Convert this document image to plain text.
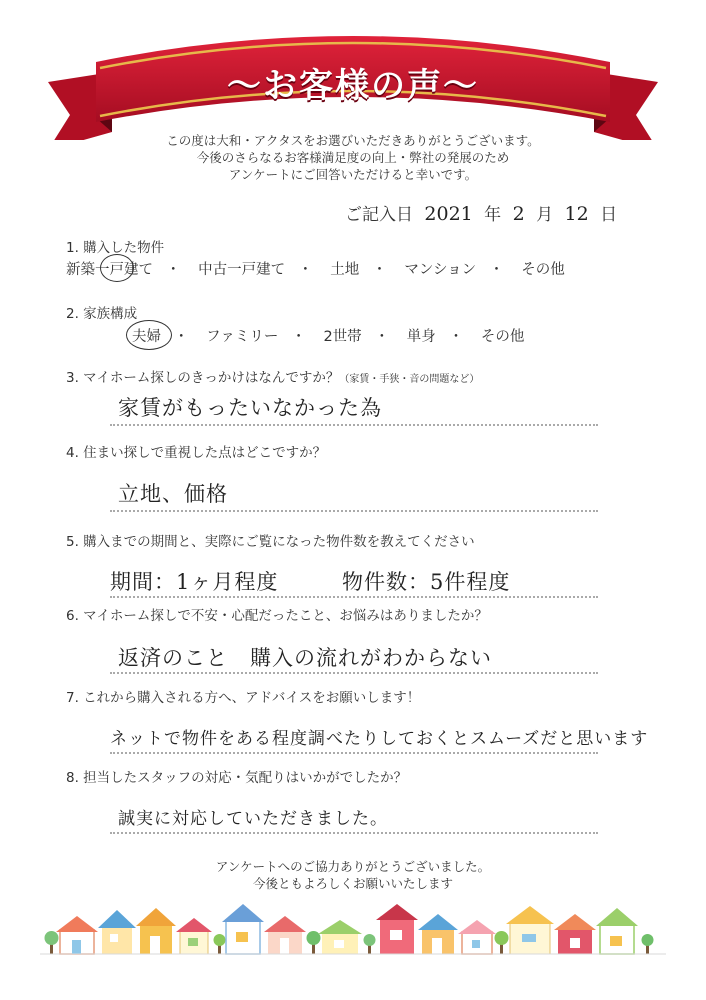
〜お客様の声〜
この度は大和・アクタスをお選びいただきありがとうございます。
今後のさらなるお客様満足度の向上・弊社の発展のため
アンケートにご回答いただけると幸いです。
ご記入日 2021 年 2 月 12 日
1. 購入した物件
新築一戸建て ・ 中古一戸建て ・ 土地 ・ マンション ・ その他
2. 家族構成
夫婦 ・ ファミリー ・ 2世帯 ・ 単身 ・ その他
3. マイホーム探しのきっかけはなんですか？（家賃・手狭・音の問題など）
家賃がもったいなかった為
4. 住まい探しで重視した点はどこですか？
立地、価格
5. 購入までの期間と、実際にご覧になった物件数を教えてください
期間：1ヶ月程度	物件数：5件程度
6. マイホーム探しで不安・心配だったこと、お悩みはありましたか？
返済のこと　購入の流れがわからない
7. これから購入される方へ、アドバイスをお願いします！
ネットで物件をある程度調べたりしておくとスムーズだと思います
8. 担当したスタッフの対応・気配りはいかがでしたか？
誠実に対応していただきました。
アンケートへのご協力ありがとうございました。
今後ともよろしくお願いいたします
